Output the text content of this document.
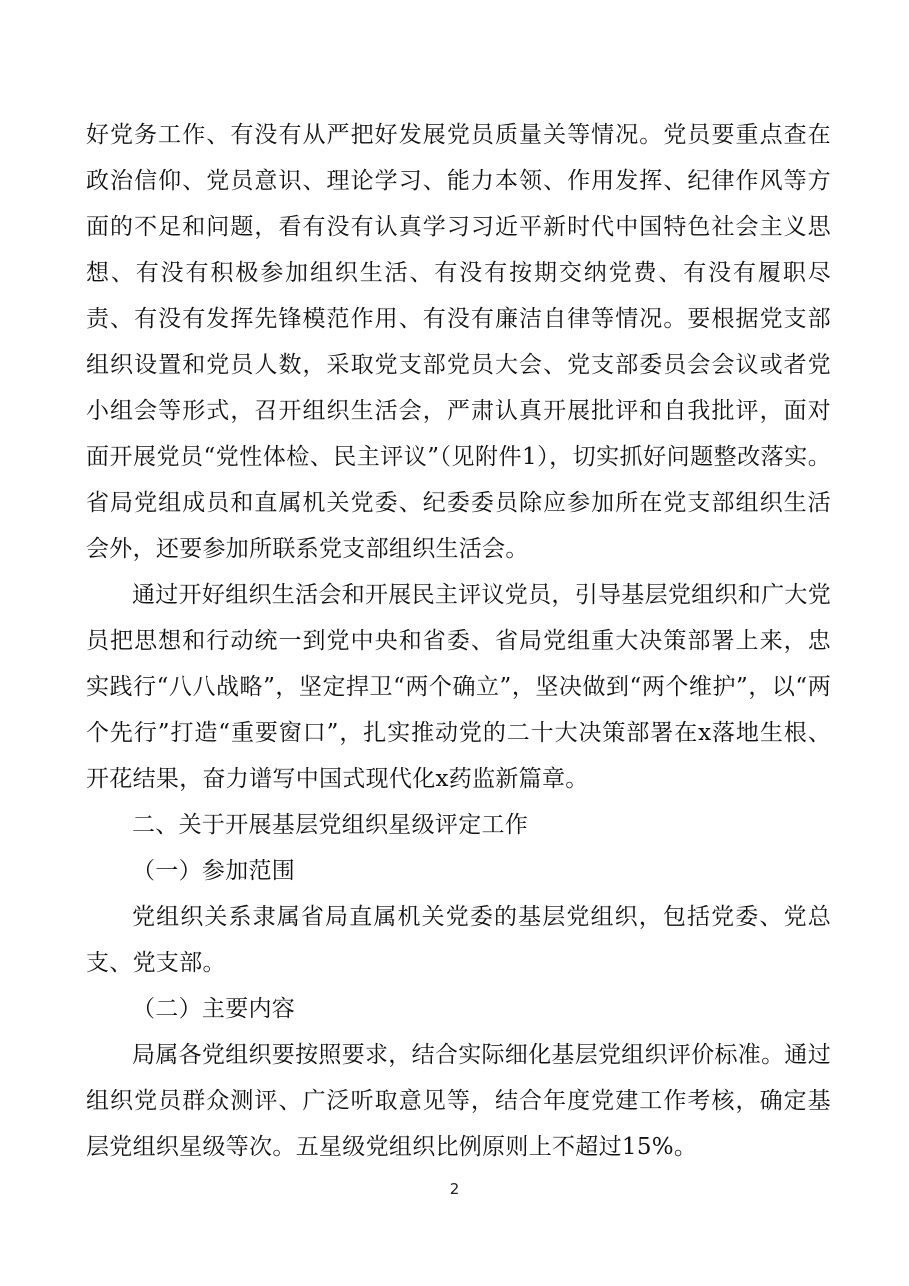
好党务工作、有没有从严把好发展党员质量关等情况。党员要重点查在政治信仰、党员意识、理论学习、能力本领、作用发挥、纪律作风等方面的不足和问题，看有没有认真学习习近平新时代中国特色社会主义思想、有没有积极参加组织生活、有没有按期交纳党费、有没有履职尽责、有没有发挥先锋模范作用、有没有廉洁自律等情况。要根据党支部组织设置和党员人数，采取党支部党员大会、党支部委员会会议或者党小组会等形式，召开组织生活会，严肃认真开展批评和自我批评，面对面开展党员“党性体检、民主评议”（见附件1），切实抓好问题整改落实。省局党组成员和直属机关党委、纪委委员除应参加所在党支部组织生活会外，还要参加所联系党支部组织生活会。

通过开好组织生活会和开展民主评议党员，引导基层党组织和广大党员把思想和行动统一到党中央和省委、省局党组重大决策部署上来，忠实践行“八八战略”，坚定捍卫“两个确立”，坚决做到“两个维护”，以“两个先行”打造“重要窗口”，扎实推动党的二十大决策部署在x落地生根、开花结果，奋力谱写中国式现代化x药监新篇章。

二、关于开展基层党组织星级评定工作

（一）参加范围

党组织关系隶属省局直属机关党委的基层党组织，包括党委、党总支、党支部。

（二）主要内容

局属各党组织要按照要求，结合实际细化基层党组织评价标准。通过组织党员群众测评、广泛听取意见等，结合年度党建工作考核，确定基层党组织星级等次。五星级党组织比例原则上不超过15%。

2
